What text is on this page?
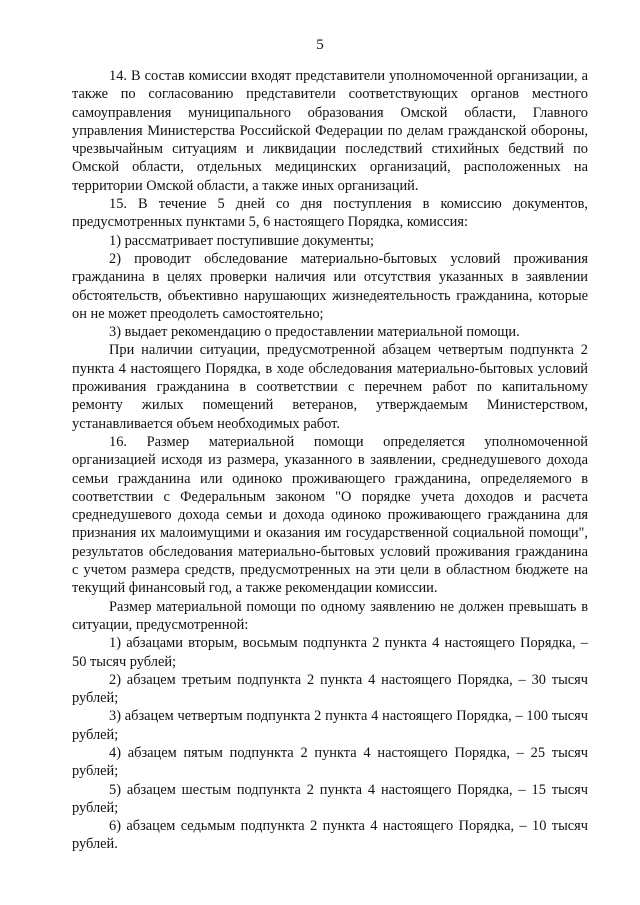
5

14. В состав комиссии входят представители уполномоченной организации, а также по согласованию представители соответствующих органов местного самоуправления муниципального образования Омской области, Главного управления Министерства Российской Федерации по делам гражданской обороны, чрезвычайным ситуациям и ликвидации последствий стихийных бедствий по Омской области, отдельных медицинских организаций, расположенных на территории Омской области, а также иных организаций.

15. В течение 5 дней со дня поступления в комиссию документов, предусмотренных пунктами 5, 6 настоящего Порядка, комиссия:

1) рассматривает поступившие документы;

2) проводит обследование материально-бытовых условий проживания гражданина в целях проверки наличия или отсутствия указанных в заявлении обстоятельств, объективно нарушающих жизнедеятельность гражданина, которые он не может преодолеть самостоятельно;

3) выдает рекомендацию о предоставлении материальной помощи.

При наличии ситуации, предусмотренной абзацем четвертым подпункта 2 пункта 4 настоящего Порядка, в ходе обследования материально-бытовых условий проживания гражданина в соответствии с перечнем работ по капитальному ремонту жилых помещений ветеранов, утверждаемым Министерством, устанавливается объем необходимых работ.

16. Размер материальной помощи определяется уполномоченной организацией исходя из размера, указанного в заявлении, среднедушевого дохода семьи гражданина или одиноко проживающего гражданина, определяемого в соответствии с Федеральным законом "О порядке учета доходов и расчета среднедушевого дохода семьи и дохода одиноко проживающего гражданина для признания их малоимущими и оказания им государственной социальной помощи", результатов обследования материально-бытовых условий проживания гражданина с учетом размера средств, предусмотренных на эти цели в областном бюджете на текущий финансовый год, а также рекомендации комиссии.

Размер материальной помощи по одному заявлению не должен превышать в ситуации, предусмотренной:

1) абзацами вторым, восьмым подпункта 2 пункта 4 настоящего Порядка, – 50 тысяч рублей;

2) абзацем третьим подпункта 2 пункта 4 настоящего Порядка, – 30 тысяч рублей;

3) абзацем четвертым подпункта 2 пункта 4 настоящего Порядка, – 100 тысяч рублей;

4) абзацем пятым подпункта 2 пункта 4 настоящего Порядка, – 25 тысяч рублей;

5) абзацем шестым подпункта 2 пункта 4 настоящего Порядка, – 15 тысяч рублей;

6) абзацем седьмым подпункта 2 пункта 4 настоящего Порядка, – 10 тысяч рублей.
